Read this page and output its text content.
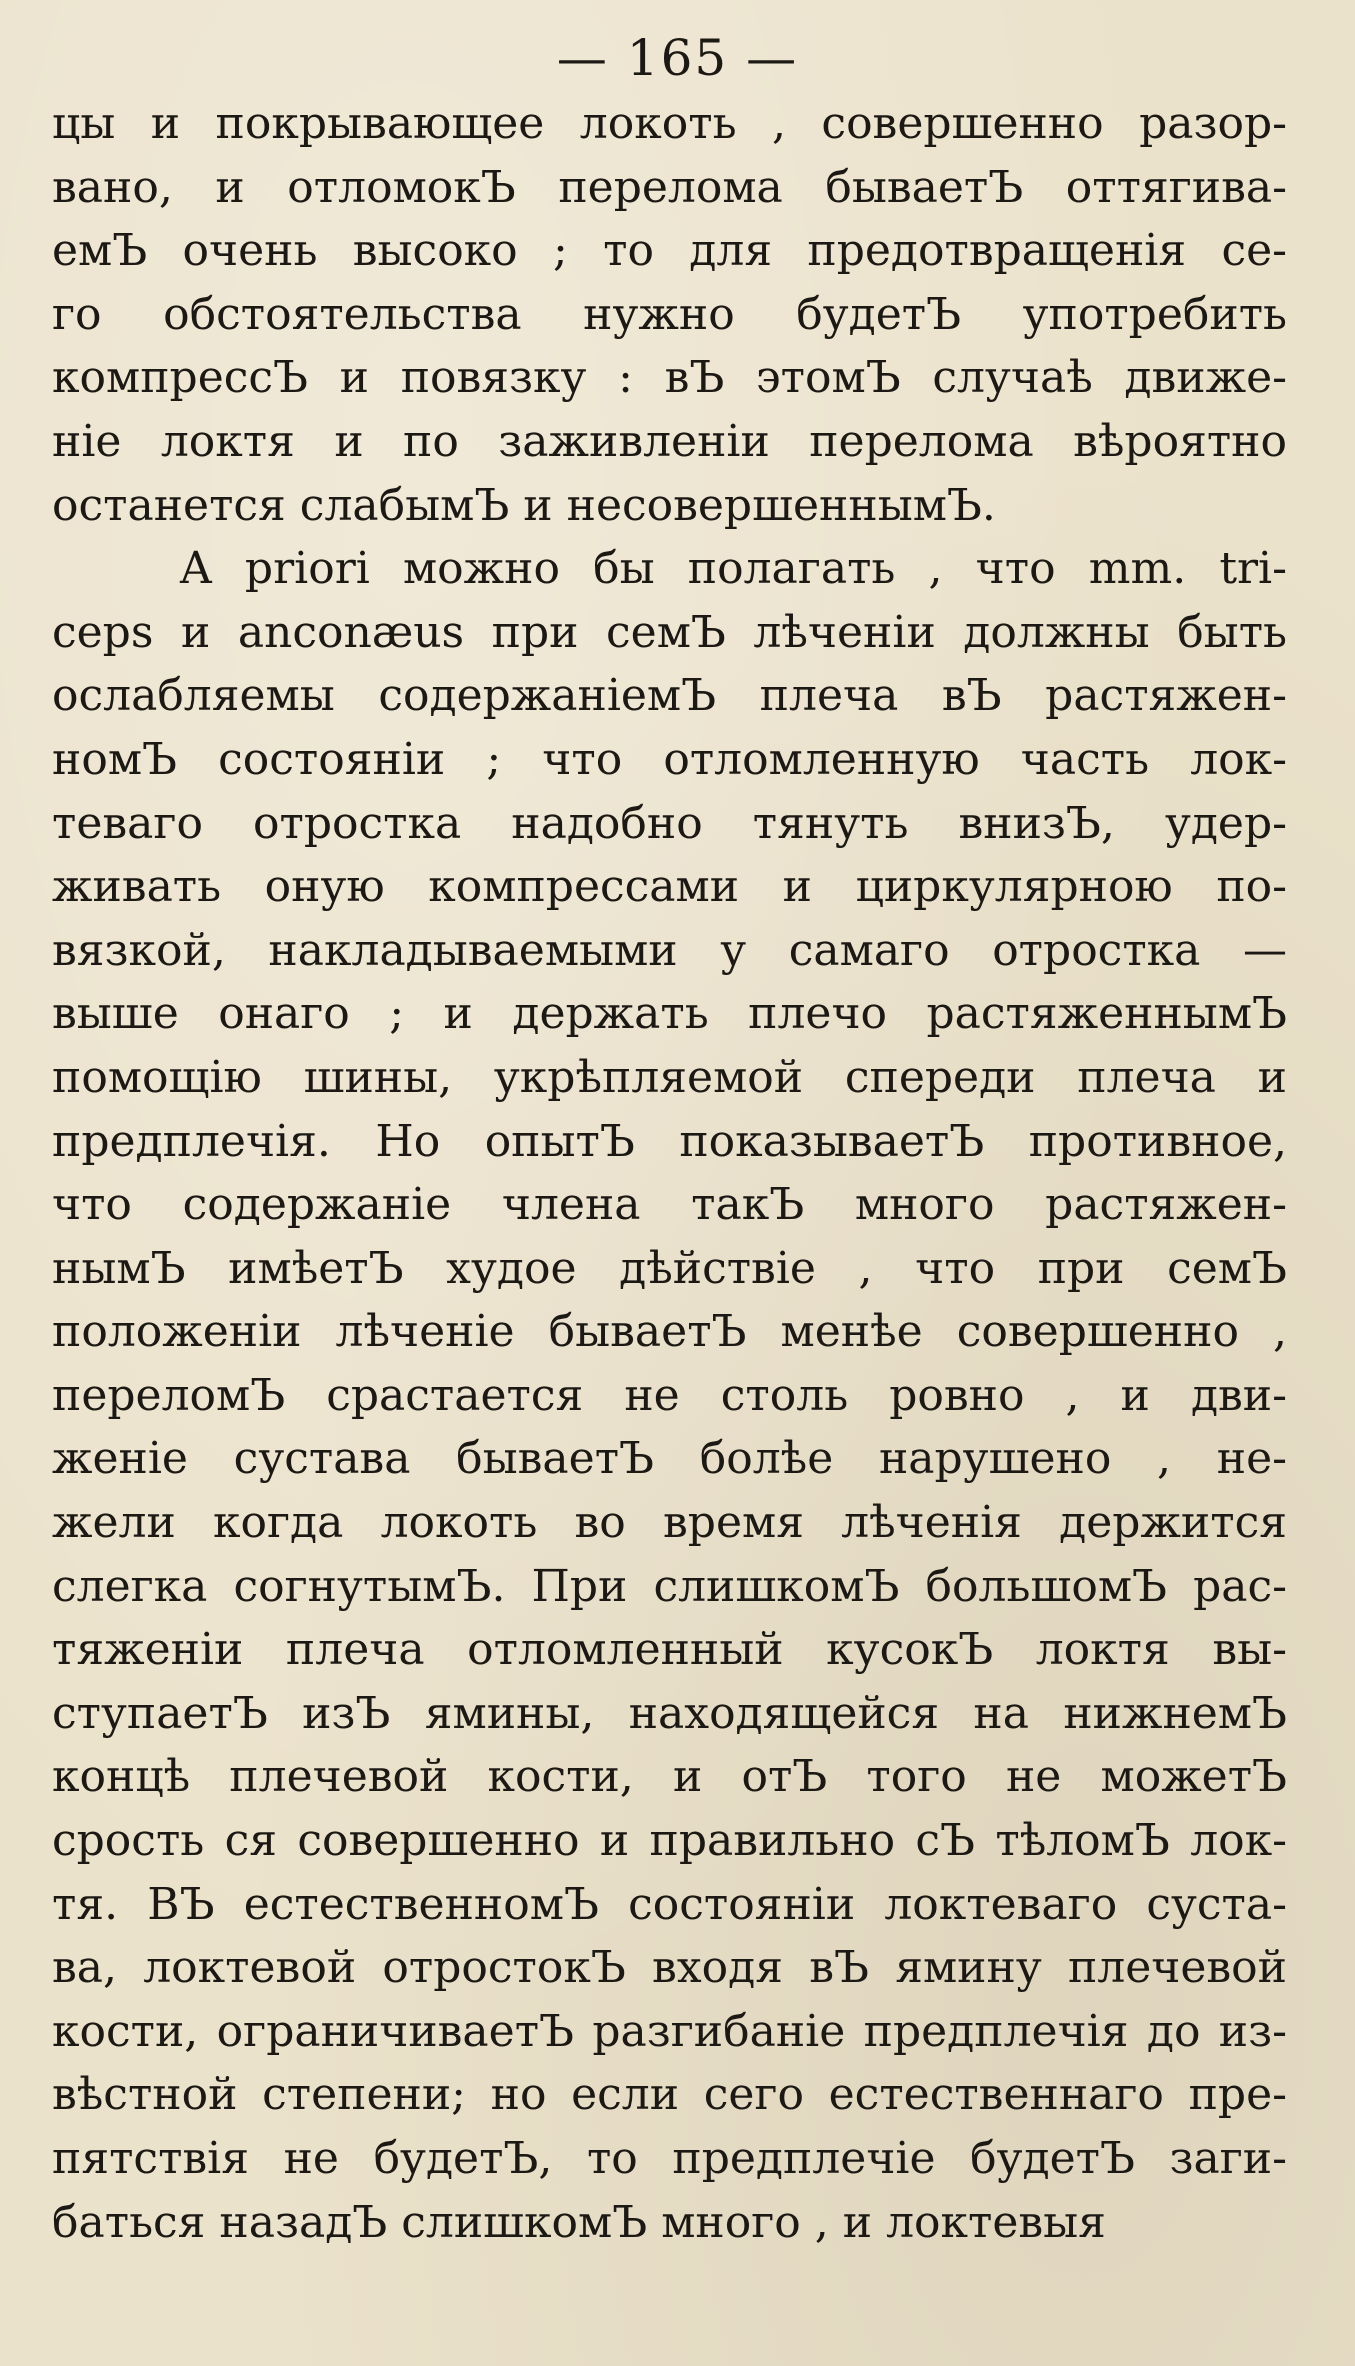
— 165 —
цы и покрывающее локоть , совершенно разор-
вано, и отломокЪ перелома бываетЪ оттягива-
емЪ очень высоко ; то для предотвращенія се-
го обстоятельства нужно будетЪ употребить
компрессЪ и повязку : вЪ этомЪ случаѣ движе-
ніе локтя и по заживленіи перелома вѣроятно
останется слабымЪ и несовершеннымЪ.
A priori можно бы полагать , что mm. tri-
ceps и anconæus при семЪ лѣченіи должны быть
ослабляемы содержаніемЪ плеча вЪ растяжен-
номЪ состояніи ; что отломленную часть лок-
теваго отростка надобно тянуть внизЪ, удер-
живать оную компрессами и циркулярною по-
вязкой, накладываемыми у самаго отростка —
выше онаго ; и держать плечо растяженнымЪ
помощію шины, укрѣпляемой спереди плеча и
предплечія. Но опытЪ показываетЪ противное,
что содержаніе члена такЪ много растяжен-
нымЪ имѣетЪ худое дѣйствіе , что при семЪ
положеніи лѣченіе бываетЪ менѣе совершенно ,
переломЪ срастается не столь ровно , и дви-
женіе сустава бываетЪ болѣе нарушено , не-
жели когда локоть во время лѣченія держится
слегка согнутымЪ. При слишкомЪ большомЪ рас-
тяженіи плеча отломленный кусокЪ локтя вы-
ступаетЪ изЪ ямины, находящейся на нижнемЪ
концѣ плечевой кости, и отЪ того не можетЪ
срость ся совершенно и правильно сЪ тѣломЪ лок-
тя. ВЪ естественномЪ состояніи локтеваго суста-
ва, локтевой отростокЪ входя вЪ ямину плечевой
кости, ограничиваетЪ разгибаніе предплечія до из-
вѣстной степени; но если сего естественнаго пре-
пятствія не будетЪ, то предплечіе будетЪ заги-
баться назадЪ слишкомЪ много , и локтевыя
